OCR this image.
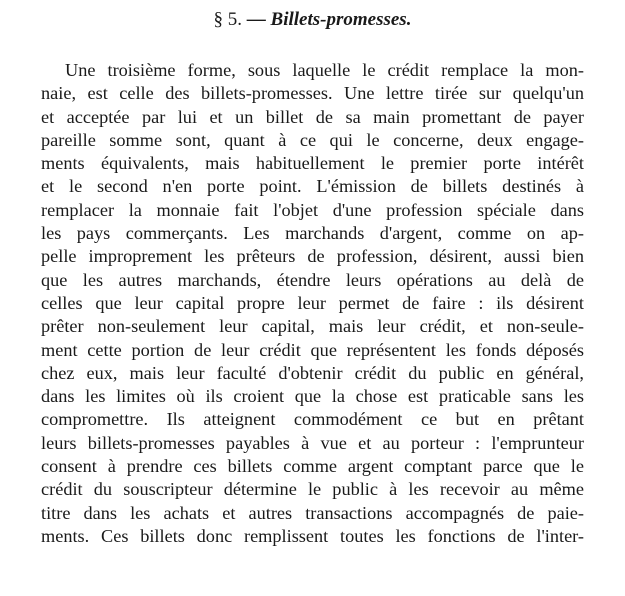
§ 5. — Billets-promesses.
Une troisième forme, sous laquelle le crédit remplace la mon-
naie, est celle des billets-promesses. Une lettre tirée sur quelqu'un
et acceptée par lui et un billet de sa main promettant de payer
pareille somme sont, quant à ce qui le concerne, deux engage-
ments équivalents, mais habituellement le premier porte intérêt
et le second n'en porte point. L'émission de billets destinés à
remplacer la monnaie fait l'objet d'une profession spéciale dans
les pays commerçants. Les marchands d'argent, comme on ap-
pelle improprement les prêteurs de profession, désirent, aussi bien
que les autres marchands, étendre leurs opérations au delà de
celles que leur capital propre leur permet de faire : ils désirent
prêter non-seulement leur capital, mais leur crédit, et non-seule-
ment cette portion de leur crédit que représentent les fonds déposés
chez eux, mais leur faculté d'obtenir crédit du public en général,
dans les limites où ils croient que la chose est praticable sans les
compromettre. Ils atteignent commodément ce but en prêtant
leurs billets-promesses payables à vue et au porteur : l'emprunteur
consent à prendre ces billets comme argent comptant parce que le
crédit du souscripteur détermine le public à les recevoir au même
titre dans les achats et autres transactions accompagnés de paie-
ments. Ces billets donc remplissent toutes les fonctions de l'inter-
